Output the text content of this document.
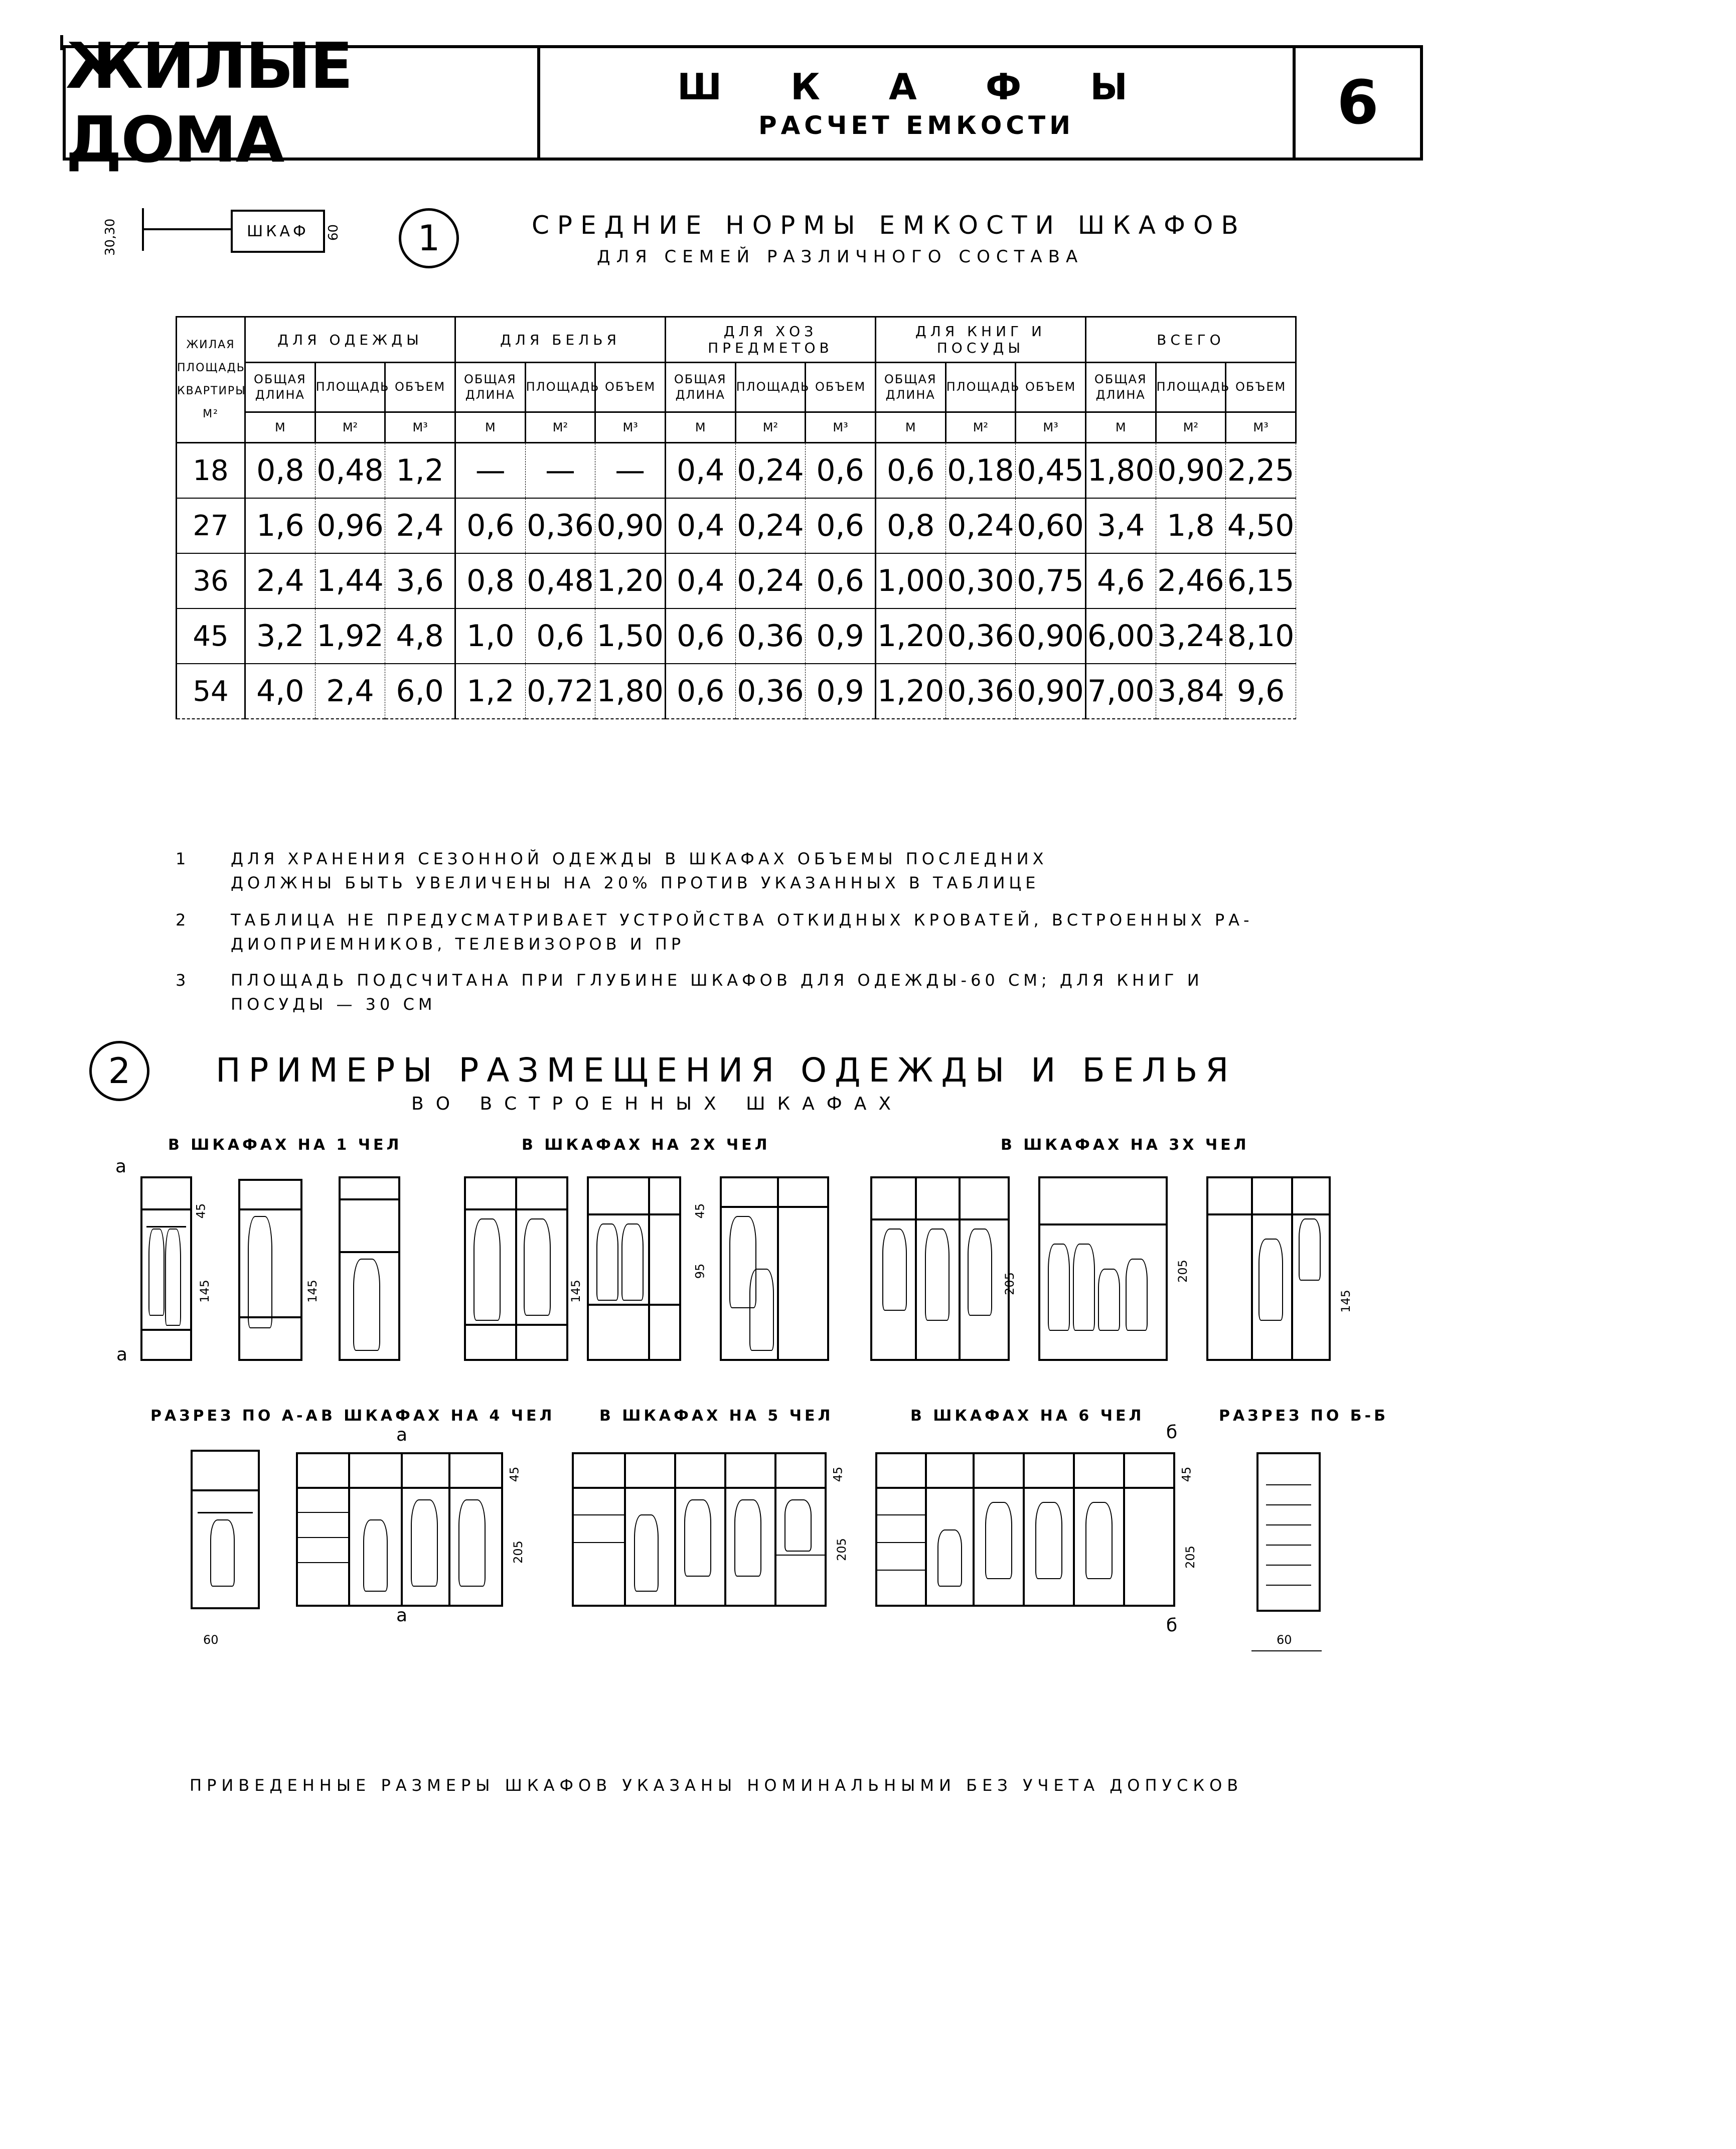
ЖИЛЫЕ ДОМА
Ш К А Ф Ы
РАСЧЕТ ЕМКОСТИ	6
30,30	ШКАФ 60 1	СРЕДНИЕ НОРМЫ ЕМКОСТИ ШКАФОВ
ДЛЯ СЕМЕЙ РАЗЛИЧНОГО СОСТАВА
ЖИЛАЯ
ПЛОЩАДЬ
КВАРТИРЫ
М²	ДЛЯ ОДЕЖДЫ			ДЛЯ БЕЛЬЯ			ДЛЯ ХОЗ ПРЕДМЕТОВ			ДЛЯ КНИГ И ПОСУДЫ			ВСЕГО		
	ОБЩАЯ ДЛИНА	ПЛОЩАДЬ	ОБЪЕМ	ОБЩАЯ ДЛИНА	ПЛОЩАДЬ	ОБЪЕМ	ОБЩАЯ ДЛИНА	ПЛОЩАДЬ	ОБЪЕМ	ОБЩАЯ ДЛИНА	ПЛОЩАДЬ	ОБЪЕМ	ОБЩАЯ ДЛИНА	ПЛОЩАДЬ	ОБЪЕМ
	М	М²	М³	М	М²	М³	М	М²	М³	М	М²	М³	М	М²	М³
18	0,8	0,48	1,2	—	—	—	0,4	0,24	0,6	0,6	0,18	0,45	1,80	0,90	2,25
27	1,6	0,96	2,4	0,6	0,36	0,90	0,4	0,24	0,6	0,8	0,24	0,60	3,4	1,8	4,50
36	2,4	1,44	3,6	0,8	0,48	1,20	0,4	0,24	0,6	1,00	0,30	0,75	4,6	2,46	6,15
45	3,2	1,92	4,8	1,0	0,6	1,50	0,6	0,36	0,9	1,20	0,36	0,90	6,00	3,24	8,10
54	4,0	2,4	6,0	1,2	0,72	1,80	0,6	0,36	0,9	1,20	0,36	0,90	7,00	3,84	9,6
1	ДЛЯ ХРАНЕНИЯ СЕЗОННОЙ ОДЕЖДЫ В ШКАФАХ ОБЪЕМЫ ПОСЛЕДНИХ
ДОЛЖНЫ БЫТЬ УВЕЛИЧЕНЫ НА 20% ПРОТИВ УКАЗАННЫХ В ТАБЛИЦЕ
2	ТАБЛИЦА НЕ ПРЕДУСМАТРИВАЕТ УСТРОЙСТВА ОТКИДНЫХ КРОВАТЕЙ, ВСТРОЕННЫХ РА-
ДИОПРИЕМНИКОВ, ТЕЛЕВИЗОРОВ И ПР
3	ПЛОЩАДЬ ПОДСЧИТАНА ПРИ ГЛУБИНЕ ШКАФОВ ДЛЯ ОДЕЖДЫ-60 СМ; ДЛЯ КНИГ И
ПОСУДЫ — 30 СМ
2	ПРИМЕРЫ РАЗМЕЩЕНИЯ ОДЕЖДЫ И БЕЛЬЯ
ВО ВСТРОЕННЫХ ШКАФАХ
В ШКАФАХ НА 1 ЧЕЛ	В ШКАФАХ НА 2Х ЧЕЛ	В ШКАФАХ НА 3Х ЧЕЛ
а
а
45
145	145	145
45
95
205
205
145
РАЗРЕЗ ПО А-А В ШКАФАХ НА 4 ЧЕЛ	В ШКАФАХ НА 5 ЧЕЛ	В ШКАФАХ НА 6 ЧЕЛ	РАЗРЕЗ ПО Б-Б
60
а
45
205
а
45
205
б
45
205
б
60
ПРИВЕДЕННЫЕ РАЗМЕРЫ ШКАФОВ УКАЗАНЫ НОМИНАЛЬНЫМИ БЕЗ УЧЕТА ДОПУСКОВ
